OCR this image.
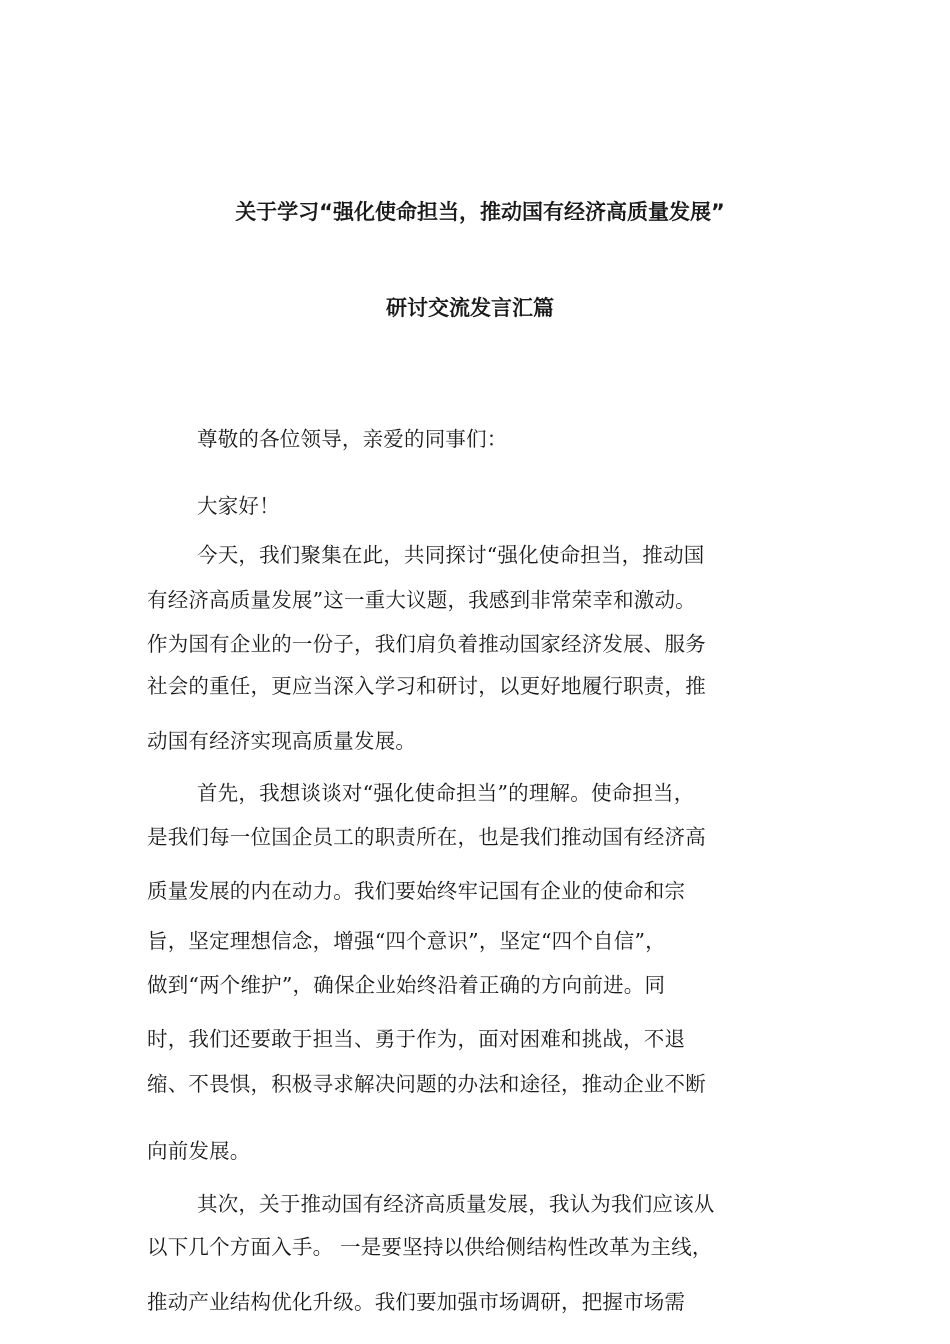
关于学习“强化使命担当，推动国有经济高质量发展”
研讨交流发言汇篇
尊敬的各位领导，亲爱的同事们：
大家好！
今天，我们聚集在此，共同探讨“强化使命担当，推动国
有经济高质量发展”这一重大议题，我感到非常荣幸和激动。
作为国有企业的一份子，我们肩负着推动国家经济发展、服务
社会的重任，更应当深入学习和研讨，以更好地履行职责，推
动国有经济实现高质量发展。
首先，我想谈谈对“强化使命担当”的理解。使命担当，
是我们每一位国企员工的职责所在，也是我们推动国有经济高
质量发展的内在动力。我们要始终牢记国有企业的使命和宗
旨，坚定理想信念，增强“四个意识”，坚定“四个自信”，
做到“两个维护”，确保企业始终沿着正确的方向前进。同
时，我们还要敢于担当、勇于作为，面对困难和挑战，不退
缩、不畏惧，积极寻求解决问题的办法和途径，推动企业不断
向前发展。
其次，关于推动国有经济高质量发展，我认为我们应该从
以下几个方面入手。 一是要坚持以供给侧结构性改革为主线，
推动产业结构优化升级。我们要加强市场调研，把握市场需
